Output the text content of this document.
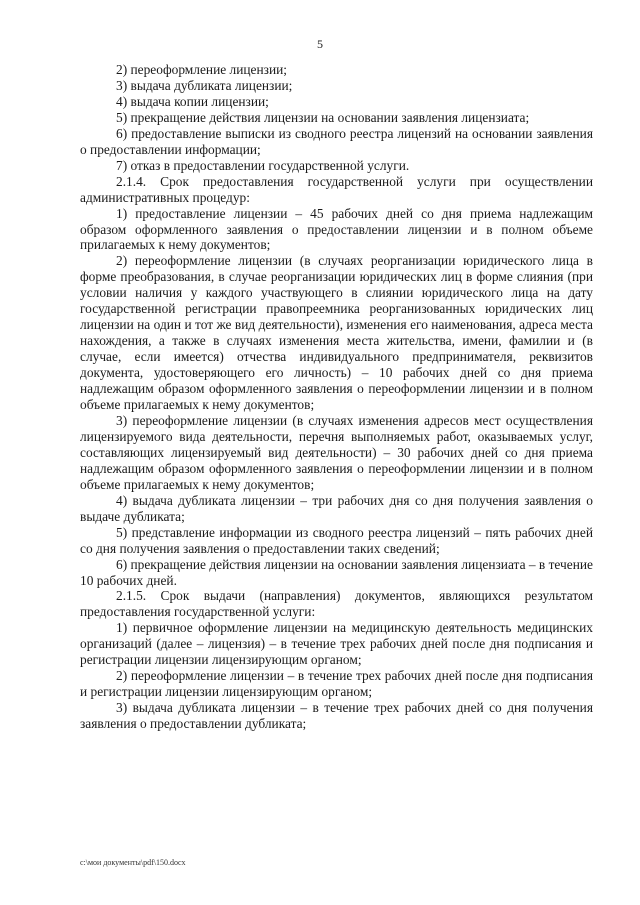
5

2) переоформление лицензии;

3) выдача дубликата лицензии;

4) выдача копии лицензии;

5) прекращение действия лицензии на основании заявления лицензиата;

6) предоставление выписки из сводного реестра лицензий на основании заявления о предоставлении информации;

7) отказ в предоставлении государственной услуги.

2.1.4. Срок предоставления государственной услуги при осуществлении административных процедур:

1) предоставление лицензии – 45 рабочих дней со дня приема надлежащим образом оформленного заявления о предоставлении лицензии и в полном объеме прилагаемых к нему документов;

2) переоформление лицензии (в случаях реорганизации юридического лица в форме преобразования, в случае реорганизации юридических лиц в форме слияния (при условии наличия у каждого участвующего в слиянии юридического лица на дату государственной регистрации правопреемника реорганизованных юридических лиц лицензии на один и тот же вид деятельности), изменения его наименования, адреса места нахождения, а также в случаях изменения места жительства, имени, фамилии и (в случае, если имеется) отчества индивидуального предпринимателя, реквизитов документа, удостоверяющего его личность) – 10 рабочих дней со дня приема надлежащим образом оформленного заявления о переоформлении лицензии и в полном объеме прилагаемых к нему документов;

3) переоформление лицензии (в случаях изменения адресов мест осуществления лицензируемого вида деятельности, перечня выполняемых работ, оказываемых услуг, составляющих лицензируемый вид деятельности) – 30 рабочих дней со дня приема надлежащим образом оформленного заявления о переоформлении лицензии и в полном объеме прилагаемых к нему документов;

4) выдача дубликата лицензии – три рабочих дня со дня получения заявления о выдаче дубликата;

5) представление информации из сводного реестра лицензий – пять рабочих дней со дня получения заявления о предоставлении таких сведений;

6) прекращение действия лицензии на основании заявления лицензиата – в течение 10 рабочих дней.

2.1.5. Срок выдачи (направления) документов, являющихся результатом предоставления государственной услуги:

1) первичное оформление лицензии на медицинскую деятельность медицинских организаций (далее – лицензия) – в течение трех рабочих дней после дня подписания и регистрации лицензии лицензирующим органом;

2) переоформление лицензии – в течение трех рабочих дней после дня подписания и регистрации лицензии лицензирующим органом;

3) выдача дубликата лицензии – в течение трех рабочих дней со дня получения заявления о предоставлении дубликата;

c:\мои документы\pdf\150.docx
